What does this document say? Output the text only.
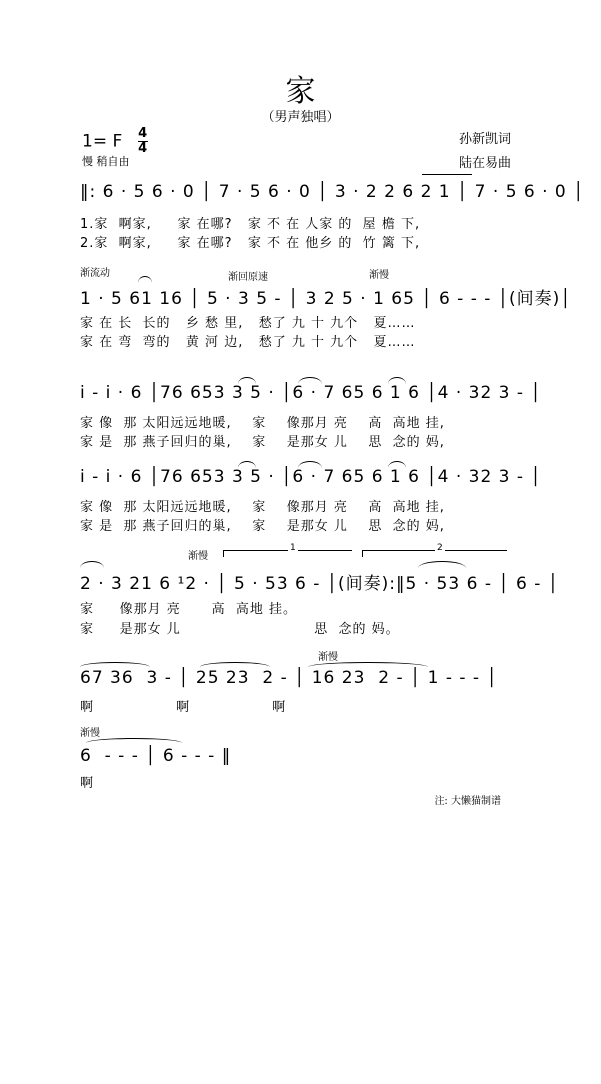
家
（男声独唱）
1= F $\frac{4}{4}$
慢 稍自由
孙新凯词
陆在易曲
‖: 6 · 5 6 · 0 │ 7 · 5 6 · 0 │ 3 · 2 2 6 2 1 │ 7 · 5 6 · 0 │
1.家  啊家,     家 在哪?   家 不 在 人家 的  屋 檐 下,
2.家  啊家,     家 在哪?   家 不 在 他乡 的  竹 篱 下,
渐流动	渐回原速	渐慢
1 · 5 61 16 │ 5 · 3 5 - │ 3 2 5 · 1 65 │ 6 - - - │(间奏)│
家 在 长  长的   乡 愁 里,   愁了 九 十 九个   夏……
家 在 弯  弯的   黄 河 边,   愁了 九 十 九个   夏……
i - i · 6 │76 653 3 5 · │6 · 7 65 6 1 6 │4 · 32 3 - │
家 像  那 太阳远远地暖,    家    像那月 亮    高  高地 挂,
家 是  那 燕子回归的巢,    家    是那女 儿    思  念的 妈,
i - i · 6 │76 653 3 5 · │6 · 7 65 6 1 6 │4 · 32 3 - │
家 像  那 太阳远远地暖,    家    像那月 亮    高  高地 挂,
家 是  那 燕子回归的巢,    家    是那女 儿    思  念的 妈,
渐慢
1	2
2 · 3 21 6 ¹2 · │ 5 · 53 6 - │(间奏):‖5 · 53 6 - │ 6 - │
家     像那月 亮      高  高地 挂。
家     是那女 儿                          思  念的 妈。
渐慢
67 36  3 - │ 25 23  2 - │ 16 23  2 - │ 1 - - - │
啊                啊                啊
渐慢
6  - - - │ 6 - - - ‖
啊
注: 大懒猫制谱
